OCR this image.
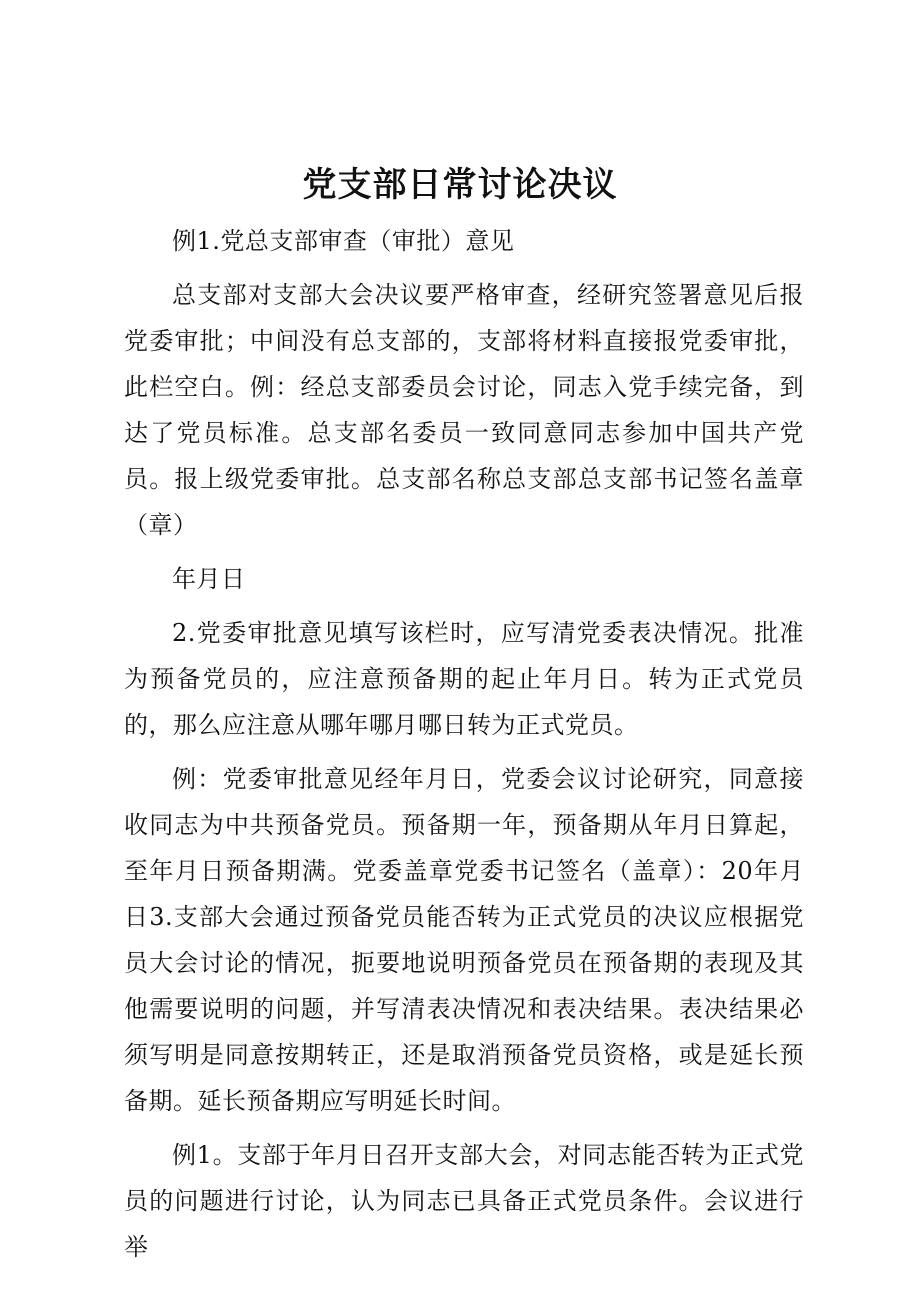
党支部日常讨论决议

例1.党总支部审查（审批）意见

总支部对支部大会决议要严格审查，经研究签署意见后报党委审批；中间没有总支部的，支部将材料直接报党委审批，此栏空白。例：经总支部委员会讨论，同志入党手续完备，到达了党员标准。总支部名委员一致同意同志参加中国共产党员。报上级党委审批。总支部名称总支部总支部书记签名盖章（章）

年月日

2.党委审批意见填写该栏时，应写清党委表决情况。批准为预备党员的，应注意预备期的起止年月日。转为正式党员的，那么应注意从哪年哪月哪日转为正式党员。

例：党委审批意见经年月日，党委会议讨论研究，同意接收同志为中共预备党员。预备期一年，预备期从年月日算起，至年月日预备期满。党委盖章党委书记签名（盖章）：20年月日3.支部大会通过预备党员能否转为正式党员的决议应根据党员大会讨论的情况，扼要地说明预备党员在预备期的表现及其他需要说明的问题，并写清表决情况和表决结果。表决结果必须写明是同意按期转正，还是取消预备党员资格，或是延长预备期。延长预备期应写明延长时间。

例1。支部于年月日召开支部大会，对同志能否转为正式党员的问题进行讨论，认为同志已具备正式党员条件。会议进行举
